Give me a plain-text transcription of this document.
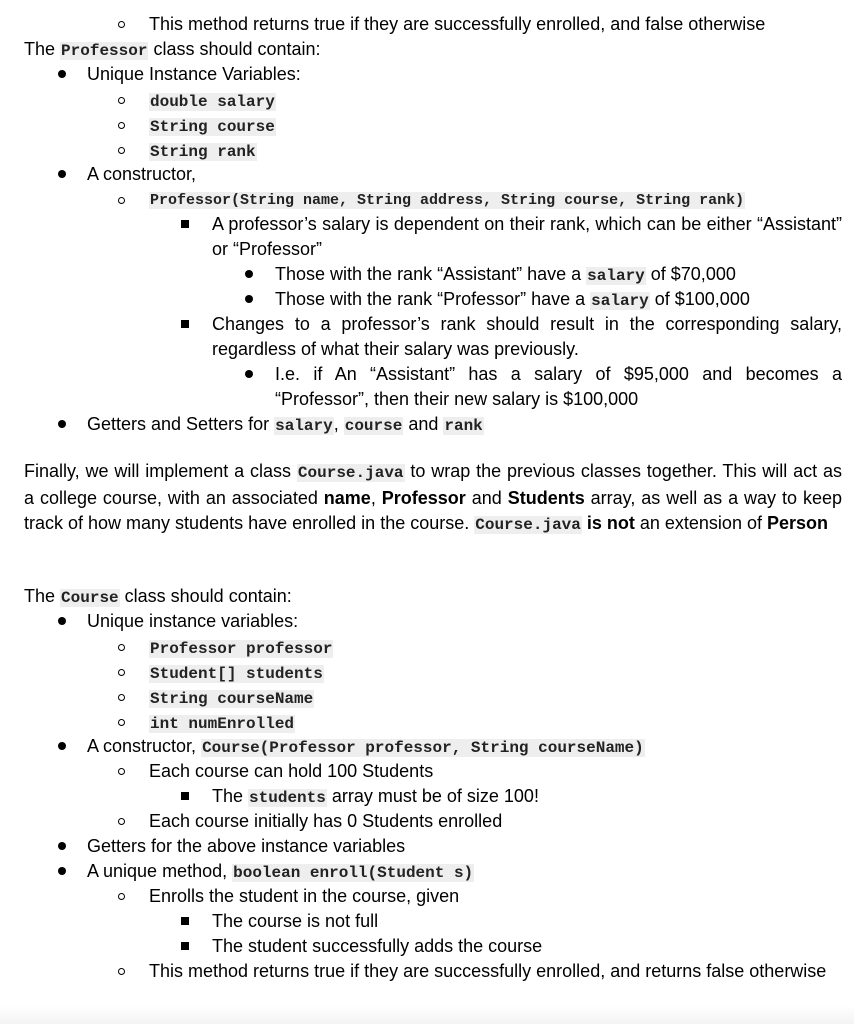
This method returns true if they are successfully enrolled, and false otherwise
The Professor class should contain:
Unique Instance Variables:
double salary
String course
String rank
A constructor,
Professor(String name, String address, String course, String rank)
A professor’s salary is dependent on their rank, which can be either “Assistant” or “Professor”
Those with the rank “Assistant” have a salary of $70,000
Those with the rank “Professor” have a salary of $100,000
Changes to a professor’s rank should result in the corresponding salary, regardless of what their salary was previously.
I.e. if An “Assistant” has a salary of $95,000 and becomes a “Professor”, then their new salary is $100,000
Getters and Setters for salary, course and rank
Finally, we will implement a class Course.java to wrap the previous classes together. This will act as a college course, with an associated name, Professor and Students array, as well as a way to keep track of how many students have enrolled in the course. Course.java is not an extension of Person
The Course class should contain:
Unique instance variables:
Professor professor
Student[] students
String courseName
int numEnrolled
A constructor, Course(Professor professor, String courseName)
Each course can hold 100 Students
The students array must be of size 100!
Each course initially has 0 Students enrolled
Getters for the above instance variables
A unique method, boolean enroll(Student s)
Enrolls the student in the course, given
The course is not full
The student successfully adds the course
This method returns true if they are successfully enrolled, and returns false otherwise
